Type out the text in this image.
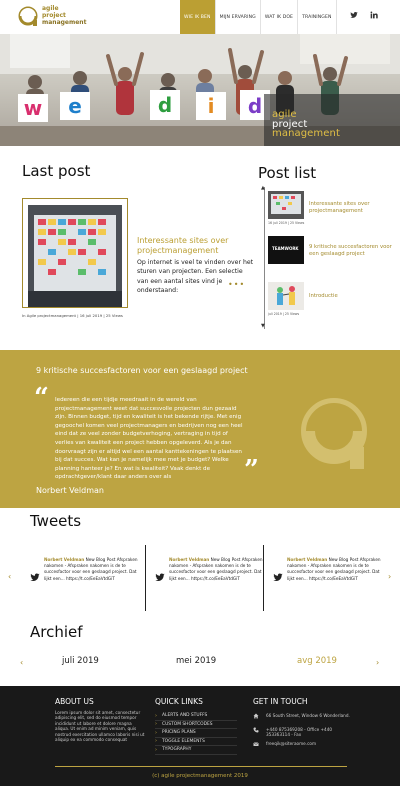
agile
project
management
WIE IK BEN	MIJN ERVARING	WAT IK DOE	TRAININGEN
w e	d i d agile
project
management
Last post
Interessante sites over projectmanagement
Op internet is veel te vinden over het sturen van projecten. Een selectie van een aantal sites vind je onderstaand:
•••
In Agile projectmanagement | 16 juli 2019 | 25 Views
Post list
▲
▼
16 juli 2019 | 25 Views
Interessante sites over projectmanagement
TEAMWORK 9 kritische succesfactoren voor een geslaagd project
juli 2019 | 25 Views
Introductie
9 kritische succesfactoren voor een geslaagd project
“ Iedereen die een tijdje meedraait in de wereld van projectmanagement weet dat succesvolle projecten dun gezaaid zijn. Binnen budget, tijd en kwaliteit is het bekende rijtje. Met enig gegoochel komen veel projectmanagers en bedrijven nog een heel eind dat ze veel zonder budgetverhoging, vertraging in tijd of verlies van kwaliteit een project hebben opgeleverd. Als je dan doorvraagt zijn er altijd wel een aantal kanttekeningen te plaatsen bij dat succes. Wat kan je namelijk mee met je budget? Welke planning hanteer je? En wat is kwaliteit? Vaak denkt de opdrachtgever/klant daar anders over als	”
Norbert Veldman
Tweets
‹	›
Norbert Veldman New Blog Post Afspraken nakomen - Afspraken nakomen is de te succesfactor voor een geslaagd project. Dat lijkt een... https://t.co/EeEaVtdGiT
Norbert Veldman New Blog Post Afspraken nakomen - Afspraken nakomen is de te succesfactor voor een geslaagd project. Dat lijkt een... https://t.co/EeEaVtdGiT
Norbert Veldman New Blog Post Afspraken nakomen - Afspraken nakomen is de te succesfactor voor een geslaagd project. Dat lijkt een... https://t.co/EeEaVtdGiT
Archief
‹	juli 2019	mei 2019	avg 2019	›
ABOUT US
Lorem ipsum dolor sit amet, consectetur adipiscing elit, sed do eiusmod tempor incididunt ut labore et dolore magna aliqua. Ut enim ad minim veniam, quis nostrud exercitation ullamco laboris nisi ut aliquip ex ea commodo consequat
QUICK LINKS
› ALERTS AND STUFFS
› CUSTOM SHORTCODES
› PRICING PLANS
› TOGGLE ELEMENTS
› TYPOGRAPHY
GET IN TOUCH
66 South Street, Window 6 Wonderland.
+440 875369208 - Office +440 353363114 - Fax
freeqik@siteraome.com
(c) agile projectmanagement 2019
